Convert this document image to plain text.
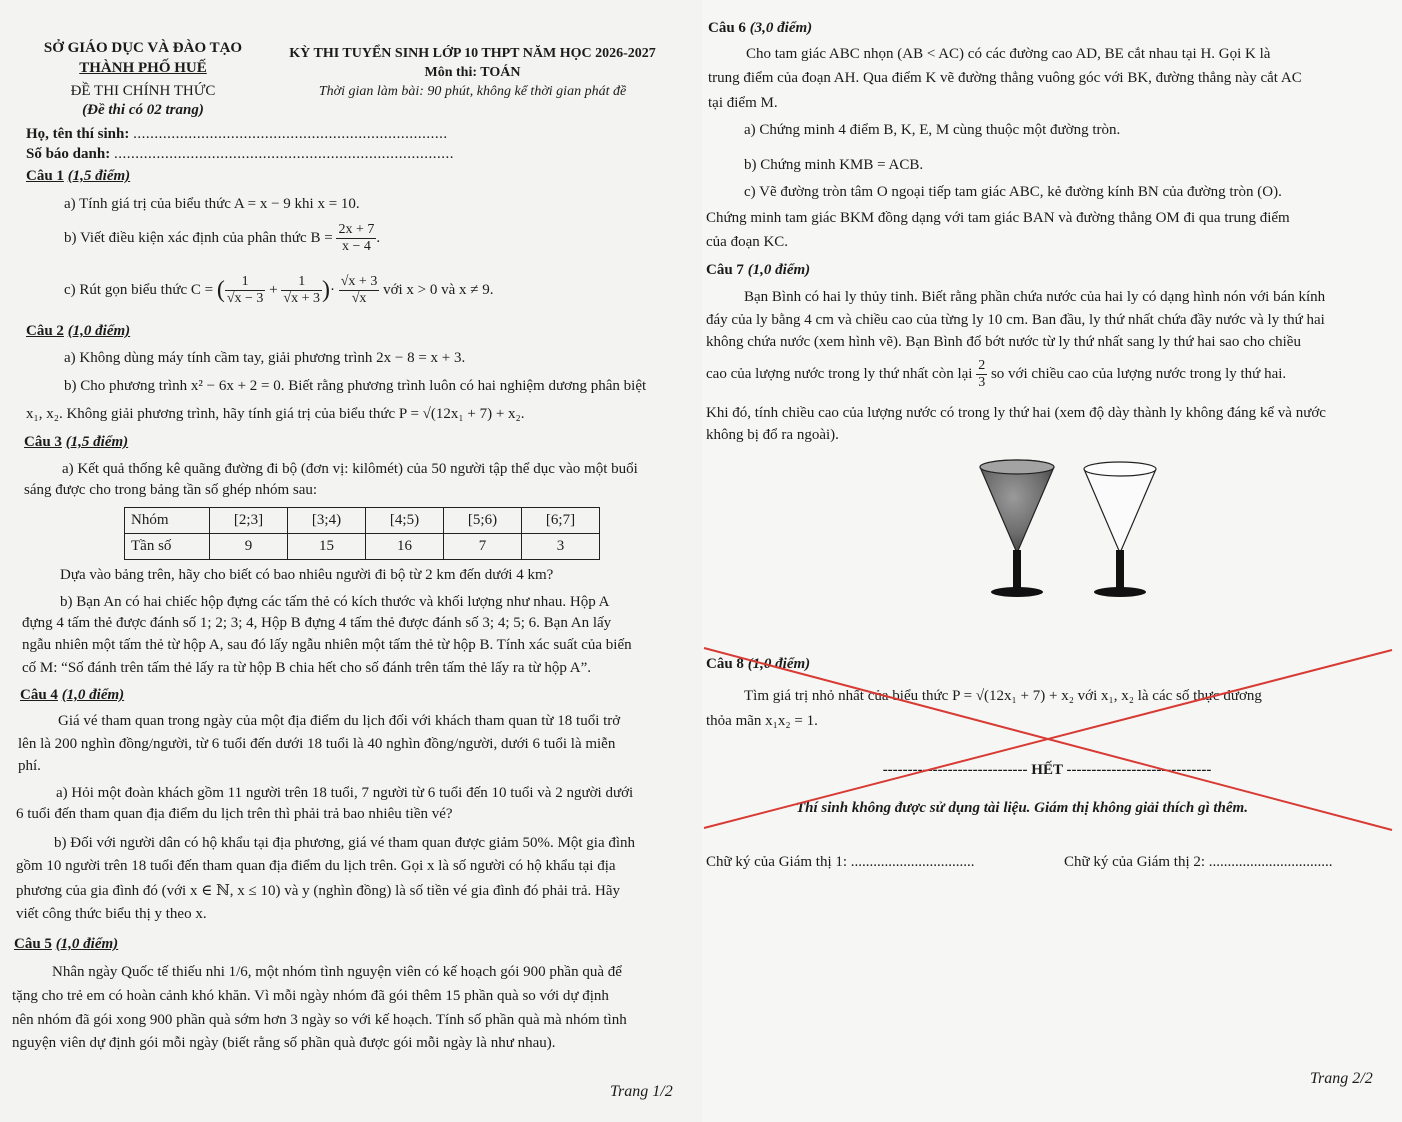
SỞ GIÁO DỤC VÀ ĐÀO TẠO
THÀNH PHỐ HUẾ
ĐỀ THI CHÍNH THỨC
(Đề thi có 02 trang)
KỲ THI TUYỂN SINH LỚP 10 THPT NĂM HỌC 2026-2027
Môn thi: TOÁN
Thời gian làm bài: 90 phút, không kể thời gian phát đề
Họ, tên thí sinh: ..........................................................................
Số báo danh: ................................................................................
Câu 1 (1,5 điểm)
a) Tính giá trị của biểu thức A = x − 9 khi x = 10.
b) Viết điều kiện xác định của phân thức $B = \frac{2x + 7}{x - 4}$ .
c) Rút gọn biểu thức C = ( $\frac{1}{√x - 3} + \frac{1}{√x + 3}$ )· $\frac{√x + 3}{√x}$ với x > 0 và x ≠ 9.
Câu 2 (1,0 điểm)
a) Không dùng máy tính cầm tay, giải phương trình 2x − 8 = x + 3.
b) Cho phương trình x² − 6x + 2 = 0. Biết rằng phương trình luôn có hai nghiệm dương phân biệt
x₁, x₂. Không giải phương trình, hãy tính giá trị của biểu thức P = √(12x₁ + 7) + x₂.
Câu 3 (1,5 điểm)
a) Kết quả thống kê quãng đường đi bộ (đơn vị: kilômét) của 50 người tập thể dục vào một buổi
sáng được cho trong bảng tần số ghép nhóm sau:
Nhóm	[2;3]	[3;4)	[4;5)	[5;6)	[6;7]
Tần số	9	15	16	7	3
Dựa vào bảng trên, hãy cho biết có bao nhiêu người đi bộ từ 2 km đến dưới 4 km?
b) Bạn An có hai chiếc hộp đựng các tấm thẻ có kích thước và khối lượng như nhau. Hộp A
đựng 4 tấm thẻ được đánh số 1; 2; 3; 4, Hộp B đựng 4 tấm thẻ được đánh số 3; 4; 5; 6. Bạn An lấy
ngẫu nhiên một tấm thẻ từ hộp A, sau đó lấy ngẫu nhiên một tấm thẻ từ hộp B. Tính xác suất của biến
cố M: “Số đánh trên tấm thẻ lấy ra từ hộp B chia hết cho số đánh trên tấm thẻ lấy ra từ hộp A”.
Câu 4 (1,0 điểm)
Giá vé tham quan trong ngày của một địa điểm du lịch đối với khách tham quan từ 18 tuổi trở
lên là 200 nghìn đồng/người, từ 6 tuổi đến dưới 18 tuổi là 40 nghìn đồng/người, dưới 6 tuổi là miễn
phí.
a) Hỏi một đoàn khách gồm 11 người trên 18 tuổi, 7 người từ 6 tuổi đến 10 tuổi và 2 người dưới
6 tuổi đến tham quan địa điểm du lịch trên thì phải trả bao nhiêu tiền vé?
b) Đối với người dân có hộ khẩu tại địa phương, giá vé tham quan được giảm 50%. Một gia đình
gồm 10 người trên 18 tuổi đến tham quan địa điểm du lịch trên. Gọi x là số người có hộ khẩu tại địa
phương của gia đình đó (với x ∈ ℕ, x ≤ 10) và y (nghìn đồng) là số tiền vé gia đình đó phải trả. Hãy
viết công thức biểu thị y theo x.
Câu 5 (1,0 điểm)
Nhân ngày Quốc tế thiếu nhi 1/6, một nhóm tình nguyện viên có kế hoạch gói 900 phần quà để
tặng cho trẻ em có hoàn cảnh khó khăn. Vì mỗi ngày nhóm đã gói thêm 15 phần quà so với dự định
nên nhóm đã gói xong 900 phần quà sớm hơn 3 ngày so với kế hoạch. Tính số phần quà mà nhóm tình
nguyện viên dự định gói mỗi ngày (biết rằng số phần quà được gói mỗi ngày là như nhau).
Trang 1/2
Câu 6 (3,0 điểm)
Cho tam giác ABC nhọn (AB < AC) có các đường cao AD, BE cắt nhau tại H. Gọi K là
trung điểm của đoạn AH. Qua điểm K vẽ đường thẳng vuông góc với BK, đường thẳng này cắt AC
tại điểm M.
a) Chứng minh 4 điểm B, K, E, M cùng thuộc một đường tròn.
b) Chứng minh KMB = ACB.
c) Vẽ đường tròn tâm O ngoại tiếp tam giác ABC, kẻ đường kính BN của đường tròn (O).
Chứng minh tam giác BKM đồng dạng với tam giác BAN và đường thẳng OM đi qua trung điểm
của đoạn KC.
Câu 7 (1,0 điểm)
Bạn Bình có hai ly thủy tinh. Biết rằng phần chứa nước của hai ly có dạng hình nón với bán kính
đáy của ly bằng 4 cm và chiều cao của từng ly 10 cm. Ban đầu, ly thứ nhất chứa đầy nước và ly thứ hai
không chứa nước (xem hình vẽ). Bạn Bình đổ bớt nước từ ly thứ nhất sang ly thứ hai sao cho chiều
cao của lượng nước trong ly thứ nhất còn lại $\frac{2}{3}$ so với chiều cao của lượng nước trong ly thứ hai.
Khi đó, tính chiều cao của lượng nước có trong ly thứ hai (xem độ dày thành ly không đáng kể và nước
không bị đổ ra ngoài).
Câu 8 (1,0 điểm)
Tìm giá trị nhỏ nhất của biểu thức P = √(12x₁ + 7) + x₂ với x₁, x₂ là các số thực dương
thỏa mãn x₁x₂ = 1.
----------------------------- HẾT -----------------------------
Thí sinh không được sử dụng tài liệu. Giám thị không giải thích gì thêm.
Chữ ký của Giám thị 1: .................................	Chữ ký của Giám thị 2: .................................
Trang 2/2
